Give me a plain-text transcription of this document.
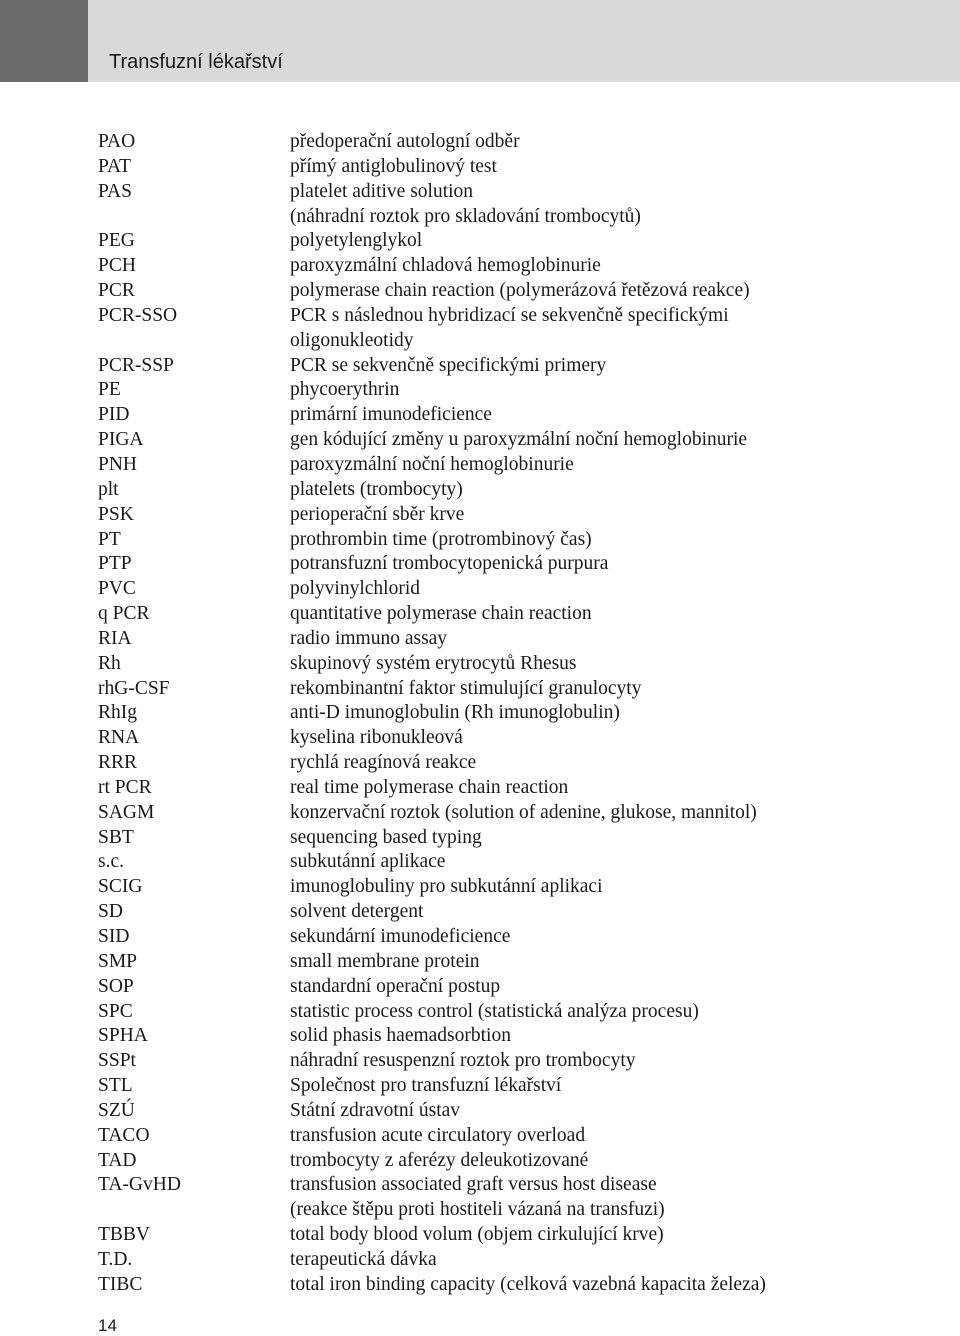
Transfuzní lékařství
PAO	předoperační autologní odběr
PAT	přímý antiglobulinový test
PAS	platelet aditive solution
(náhradní roztok pro skladování trombocytů)
PEG	polyetylenglykol
PCH	paroxyzmální chladová hemoglobinurie
PCR	polymerase chain reaction (polymerázová řetězová reakce)
PCR-SSO	PCR s následnou hybridizací se sekvenčně specifickými
oligonukleotidy
PCR-SSP	PCR se sekvenčně specifickými primery
PE	phycoerythrin
PID	primární imunodeficience
PIGA	gen kódující změny u paroxyzmální noční hemoglobinurie
PNH	paroxyzmální noční hemoglobinurie
plt	platelets (trombocyty)
PSK	perioperační sběr krve
PT	prothrombin time (protrombinový čas)
PTP	potransfuzní trombocytopenická purpura
PVC	polyvinylchlorid
q PCR	quantitative polymerase chain reaction
RIA	radio immuno assay
Rh	skupinový systém erytrocytů Rhesus
rhG-CSF	rekombinantní faktor stimulující granulocyty
RhIg	anti-D imunoglobulin (Rh imunoglobulin)
RNA	kyselina ribonukleová
RRR	rychlá reagínová reakce
rt PCR	real time polymerase chain reaction
SAGM	konzervační roztok (solution of adenine, glukose, mannitol)
SBT	sequencing based typing
s.c.	subkutánní aplikace
SCIG	imunoglobuliny pro subkutánní aplikaci
SD	solvent detergent
SID	sekundární imunodeficience
SMP	small membrane protein
SOP	standardní operační postup
SPC	statistic process control (statistická analýza procesu)
SPHA	solid phasis haemadsorbtion
SSPt	náhradní resuspenzní roztok pro trombocyty
STL	Společnost pro transfuzní lékařství
SZÚ	Státní zdravotní ústav
TACO	transfusion acute circulatory overload
TAD	trombocyty z aferézy deleukotizované
TA-GvHD	transfusion associated graft versus host disease
(reakce štěpu proti hostiteli vázaná na transfuzi)
TBBV	total body blood volum (objem cirkulující krve)
T.D.	terapeutická dávka
TIBC	total iron binding capacity (celková vazebná kapacita železa)
14
